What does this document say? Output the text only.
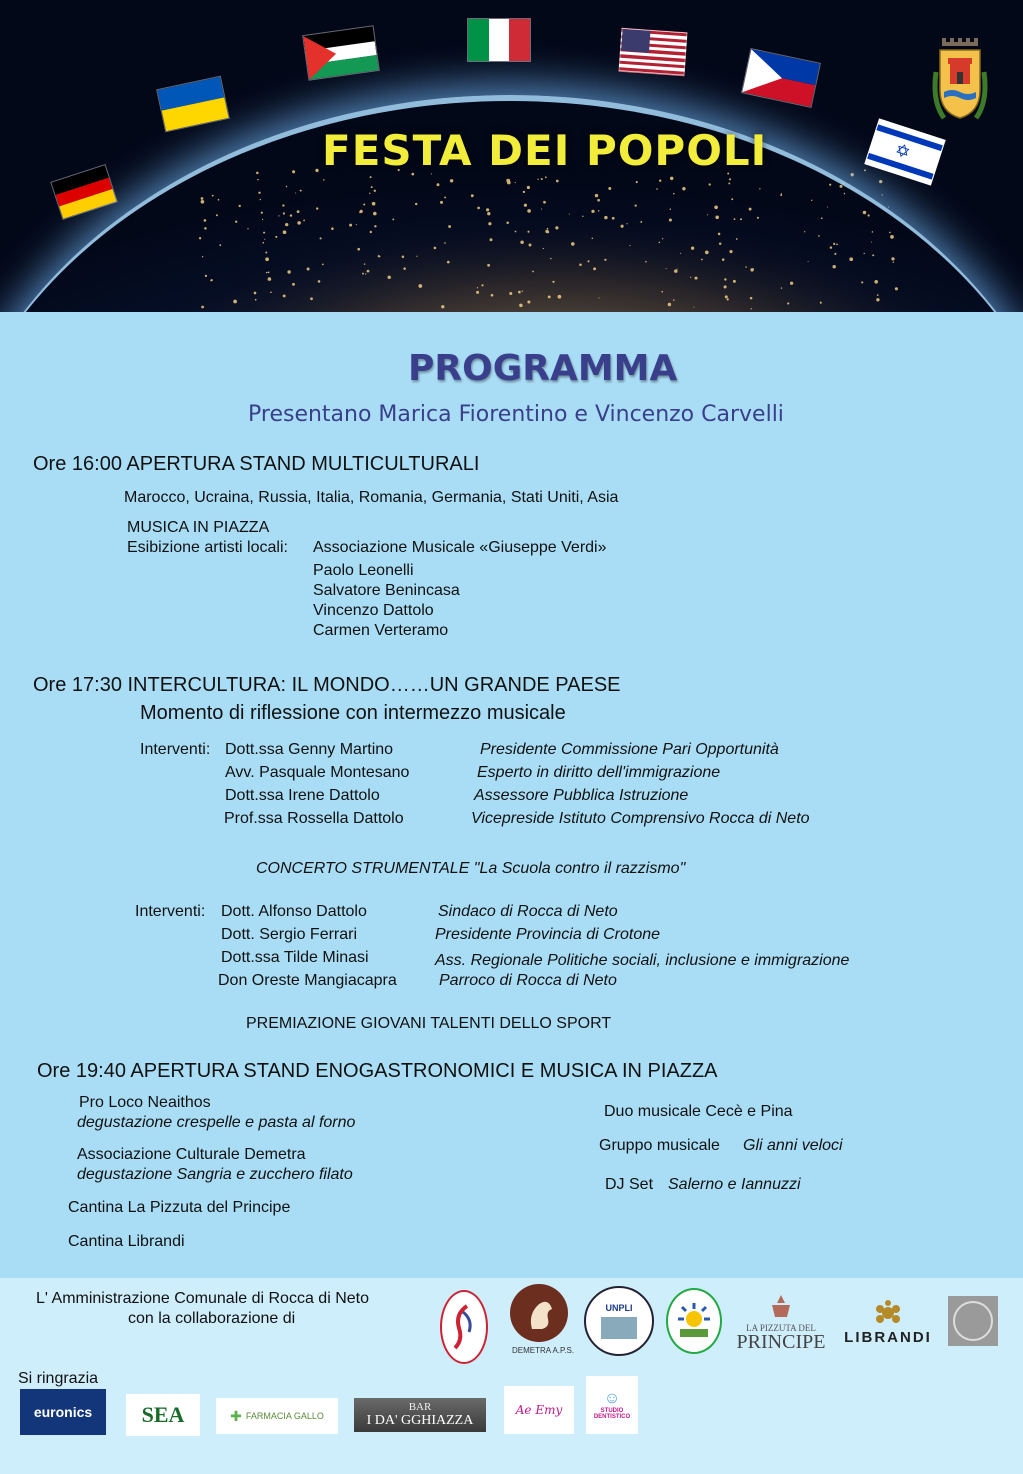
✡
FESTA DEI POPOLI
PROGRAMMA
Presentano Marica Fiorentino e Vincenzo Carvelli
Ore 16:00 APERTURA STAND MULTICULTURALI
Marocco, Ucraina, Russia, Italia, Romania, Germania, Stati Uniti, Asia
MUSICA IN PIAZZA
Esibizione artisti locali: Associazione Musicale «Giuseppe Verdi»
Paolo Leonelli
Salvatore Benincasa
Vincenzo Dattolo
Carmen Verteramo
Ore 17:30 INTERCULTURA: IL MONDO……UN GRANDE PAESE
Momento di riflessione con intermezzo musicale
Interventi: Dott.ssa Genny Martino	Presidente Commissione Pari Opportunità
Avv. Pasquale Montesano	Esperto in diritto dell'immigrazione
Dott.ssa Irene Dattolo	Assessore Pubblica Istruzione
Prof.ssa Rossella Dattolo	Vicepreside Istituto Comprensivo Rocca di Neto
CONCERTO STRUMENTALE "La Scuola contro il razzismo"
Interventi: Dott. Alfonso Dattolo	Sindaco di Rocca di Neto
Dott. Sergio Ferrari	Presidente Provincia di Crotone
Dott.ssa Tilde Minasi	Ass. Regionale Politiche sociali, inclusione e immigrazione
Don Oreste Mangiacapra	Parroco di Rocca di Neto
PREMIAZIONE GIOVANI TALENTI DELLO SPORT
Ore 19:40 APERTURA STAND ENOGASTRONOMICI E MUSICA IN PIAZZA
Pro Loco Neaithos
degustazione crespelle e pasta al forno
Associazione Culturale Demetra
degustazione Sangria e zucchero filato
Cantina La Pizzuta del Principe
Cantina Librandi
Duo musicale Cecè e Pina
Gruppo musicale Gli anni veloci
DJ Set Salerno e Iannuzzi
L' Amministrazione Comunale di Rocca di Neto
con la collaborazione di
DEMETRA A.P.S.
UNPLI
LA PIZZUTA DEL
PRINCIPE LIBRANDI
Si ringrazia
euronics SEA	✚ FARMACIA GALLO
BAR
I DA' GGHIAZZA
Ae Emy
☺
STUDIO DENTISTICO
